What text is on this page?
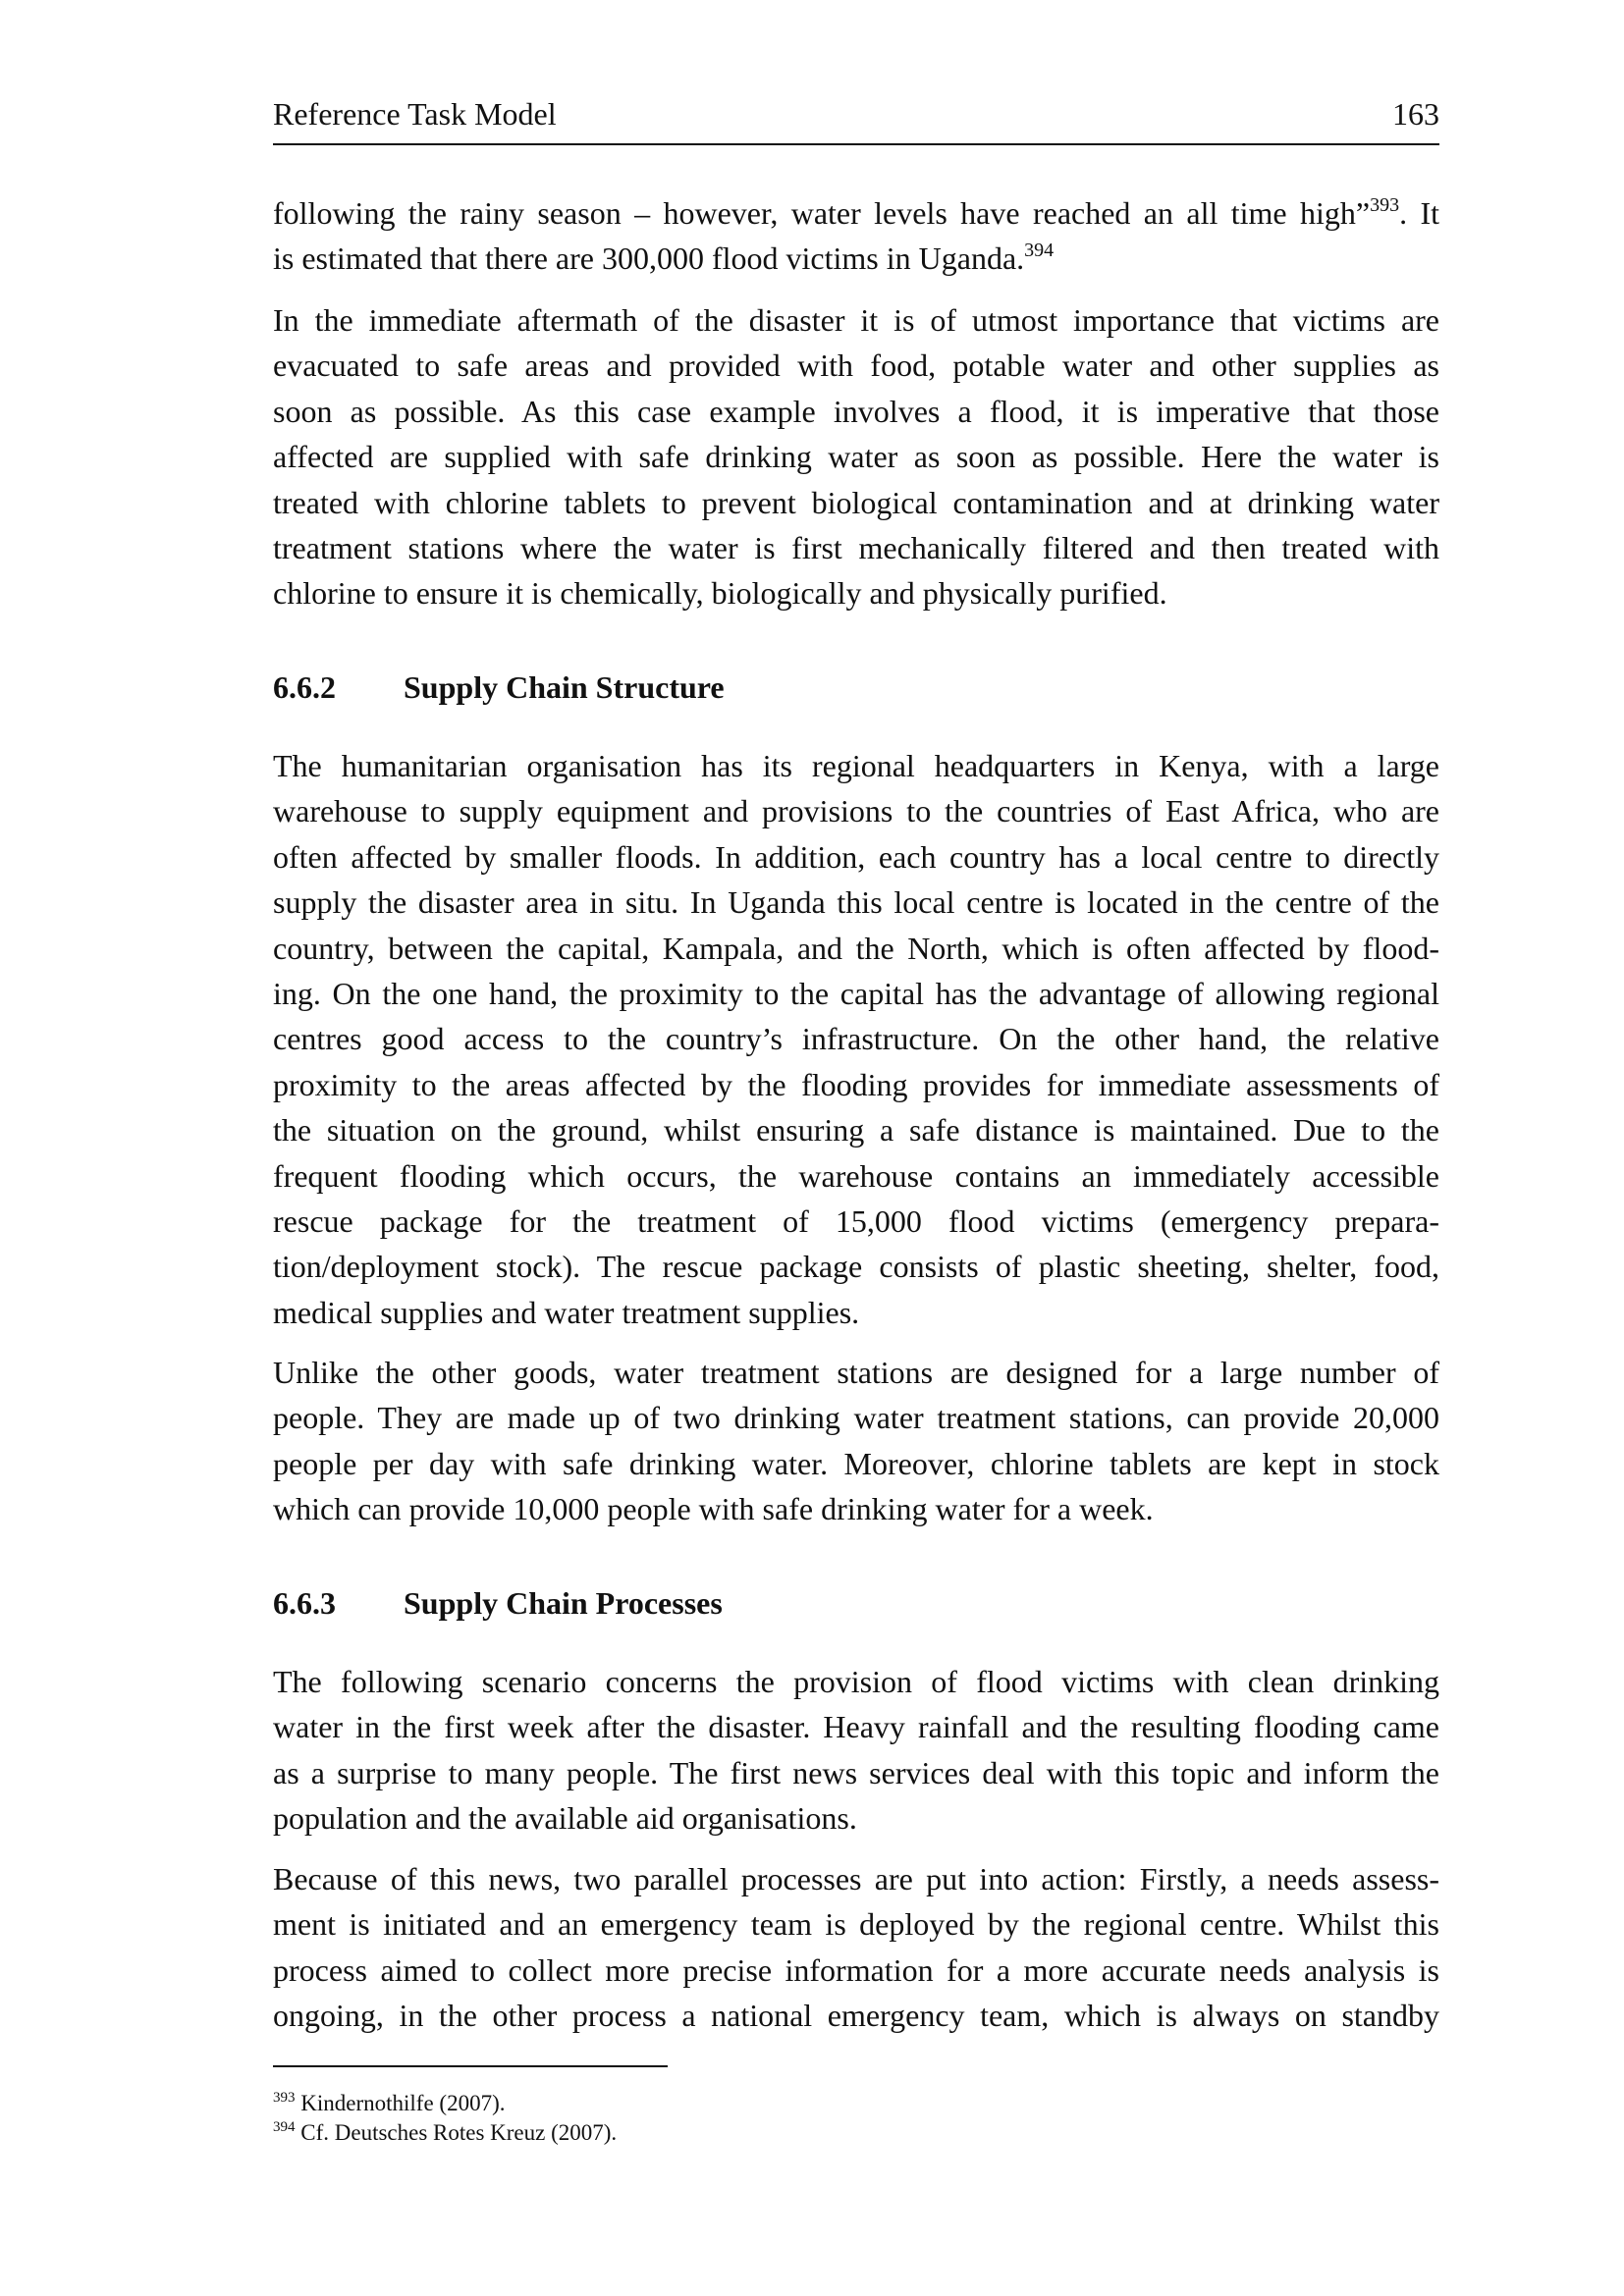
Reference Task Model	163
following the rainy season – however, water levels have reached an all time high”$^{393}$. It
is estimated that there are 300,000 flood victims in Uganda.$^{394}$
In the immediate aftermath of the disaster it is of utmost importance that victims are
evacuated to safe areas and provided with food, potable water and other supplies as
soon as possible. As this case example involves a flood, it is imperative that those
affected are supplied with safe drinking water as soon as possible. Here the water is
treated with chlorine tablets to prevent biological contamination and at drinking water
treatment stations where the water is first mechanically filtered and then treated with
chlorine to ensure it is chemically, biologically and physically purified.
6.6.2 Supply Chain Structure
The humanitarian organisation has its regional headquarters in Kenya, with a large
warehouse to supply equipment and provisions to the countries of East Africa, who are
often affected by smaller floods. In addition, each country has a local centre to directly
supply the disaster area in situ. In Uganda this local centre is located in the centre of the
country, between the capital, Kampala, and the North, which is often affected by flood-
ing. On the one hand, the proximity to the capital has the advantage of allowing regional
centres good access to the country’s infrastructure. On the other hand, the relative
proximity to the areas affected by the flooding provides for immediate assessments of
the situation on the ground, whilst ensuring a safe distance is maintained. Due to the
frequent flooding which occurs, the warehouse contains an immediately accessible
rescue package for the treatment of 15,000 flood victims (emergency prepara-
tion/deployment stock). The rescue package consists of plastic sheeting, shelter, food,
medical supplies and water treatment supplies.
Unlike the other goods, water treatment stations are designed for a large number of
people. They are made up of two drinking water treatment stations, can provide 20,000
people per day with safe drinking water. Moreover, chlorine tablets are kept in stock
which can provide 10,000 people with safe drinking water for a week.
6.6.3 Supply Chain Processes
The following scenario concerns the provision of flood victims with clean drinking
water in the first week after the disaster. Heavy rainfall and the resulting flooding came
as a surprise to many people. The first news services deal with this topic and inform the
population and the available aid organisations.
Because of this news, two parallel processes are put into action: Firstly, a needs assess-
ment is initiated and an emergency team is deployed by the regional centre. Whilst this
process aimed to collect more precise information for a more accurate needs analysis is
ongoing, in the other process a national emergency team, which is always on standby
$^{393}$ Kindernothilfe (2007).
$^{394}$ Cf. Deutsches Rotes Kreuz (2007).
